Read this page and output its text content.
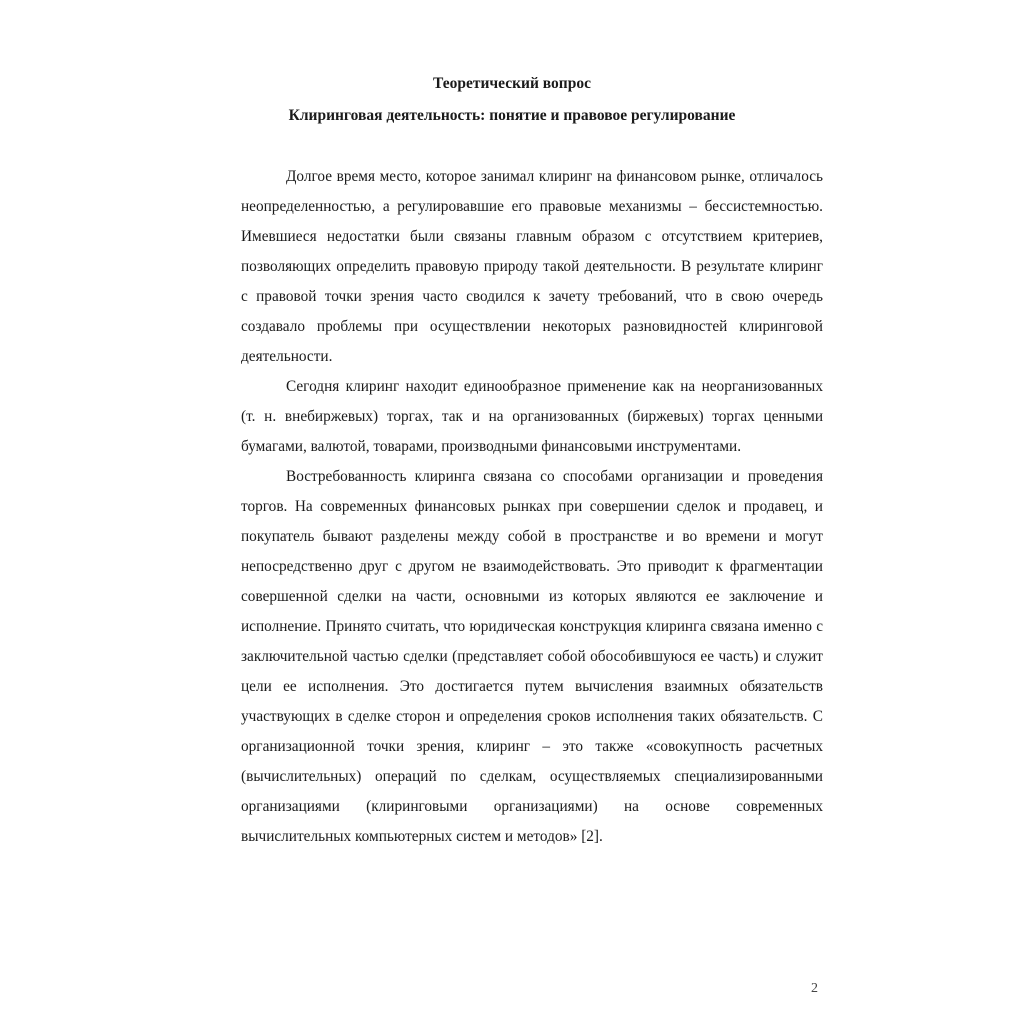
Теоретический вопрос
Клиринговая деятельность: понятие и правовое регулирование

Долгое время место, которое занимал клиринг на финансовом рынке, отличалось неопределенностью, а регулировавшие его правовые механизмы – бессистемностью. Имевшиеся недостатки были связаны главным образом с отсутствием критериев, позволяющих определить правовую природу такой деятельности. В результате клиринг с правовой точки зрения часто сводился к зачету требований, что в свою очередь создавало проблемы при осуществлении некоторых разновидностей клиринговой деятельности.

Сегодня клиринг находит единообразное применение как на неорганизованных (т. н. внебиржевых) торгах, так и на организованных (биржевых) торгах ценными бумагами, валютой, товарами, производными финансовыми инструментами.

Востребованность клиринга связана со способами организации и проведения торгов. На современных финансовых рынках при совершении сделок и продавец, и покупатель бывают разделены между собой в пространстве и во времени и могут непосредственно друг с другом не взаимодействовать. Это приводит к фрагментации совершенной сделки на части, основными из которых являются ее заключение и исполнение. Принято считать, что юридическая конструкция клиринга связана именно с заключительной частью сделки (представляет собой обособившуюся ее часть) и служит цели ее исполнения. Это достигается путем вычисления взаимных обязательств участвующих в сделке сторон и определения сроков исполнения таких обязательств. С организационной точки зрения, клиринг – это также «совокупность расчетных (вычислительных) операций по сделкам, осуществляемых специализированными организациями (клиринговыми организациями) на основе современных вычислительных компьютерных систем и методов» [2].

2
